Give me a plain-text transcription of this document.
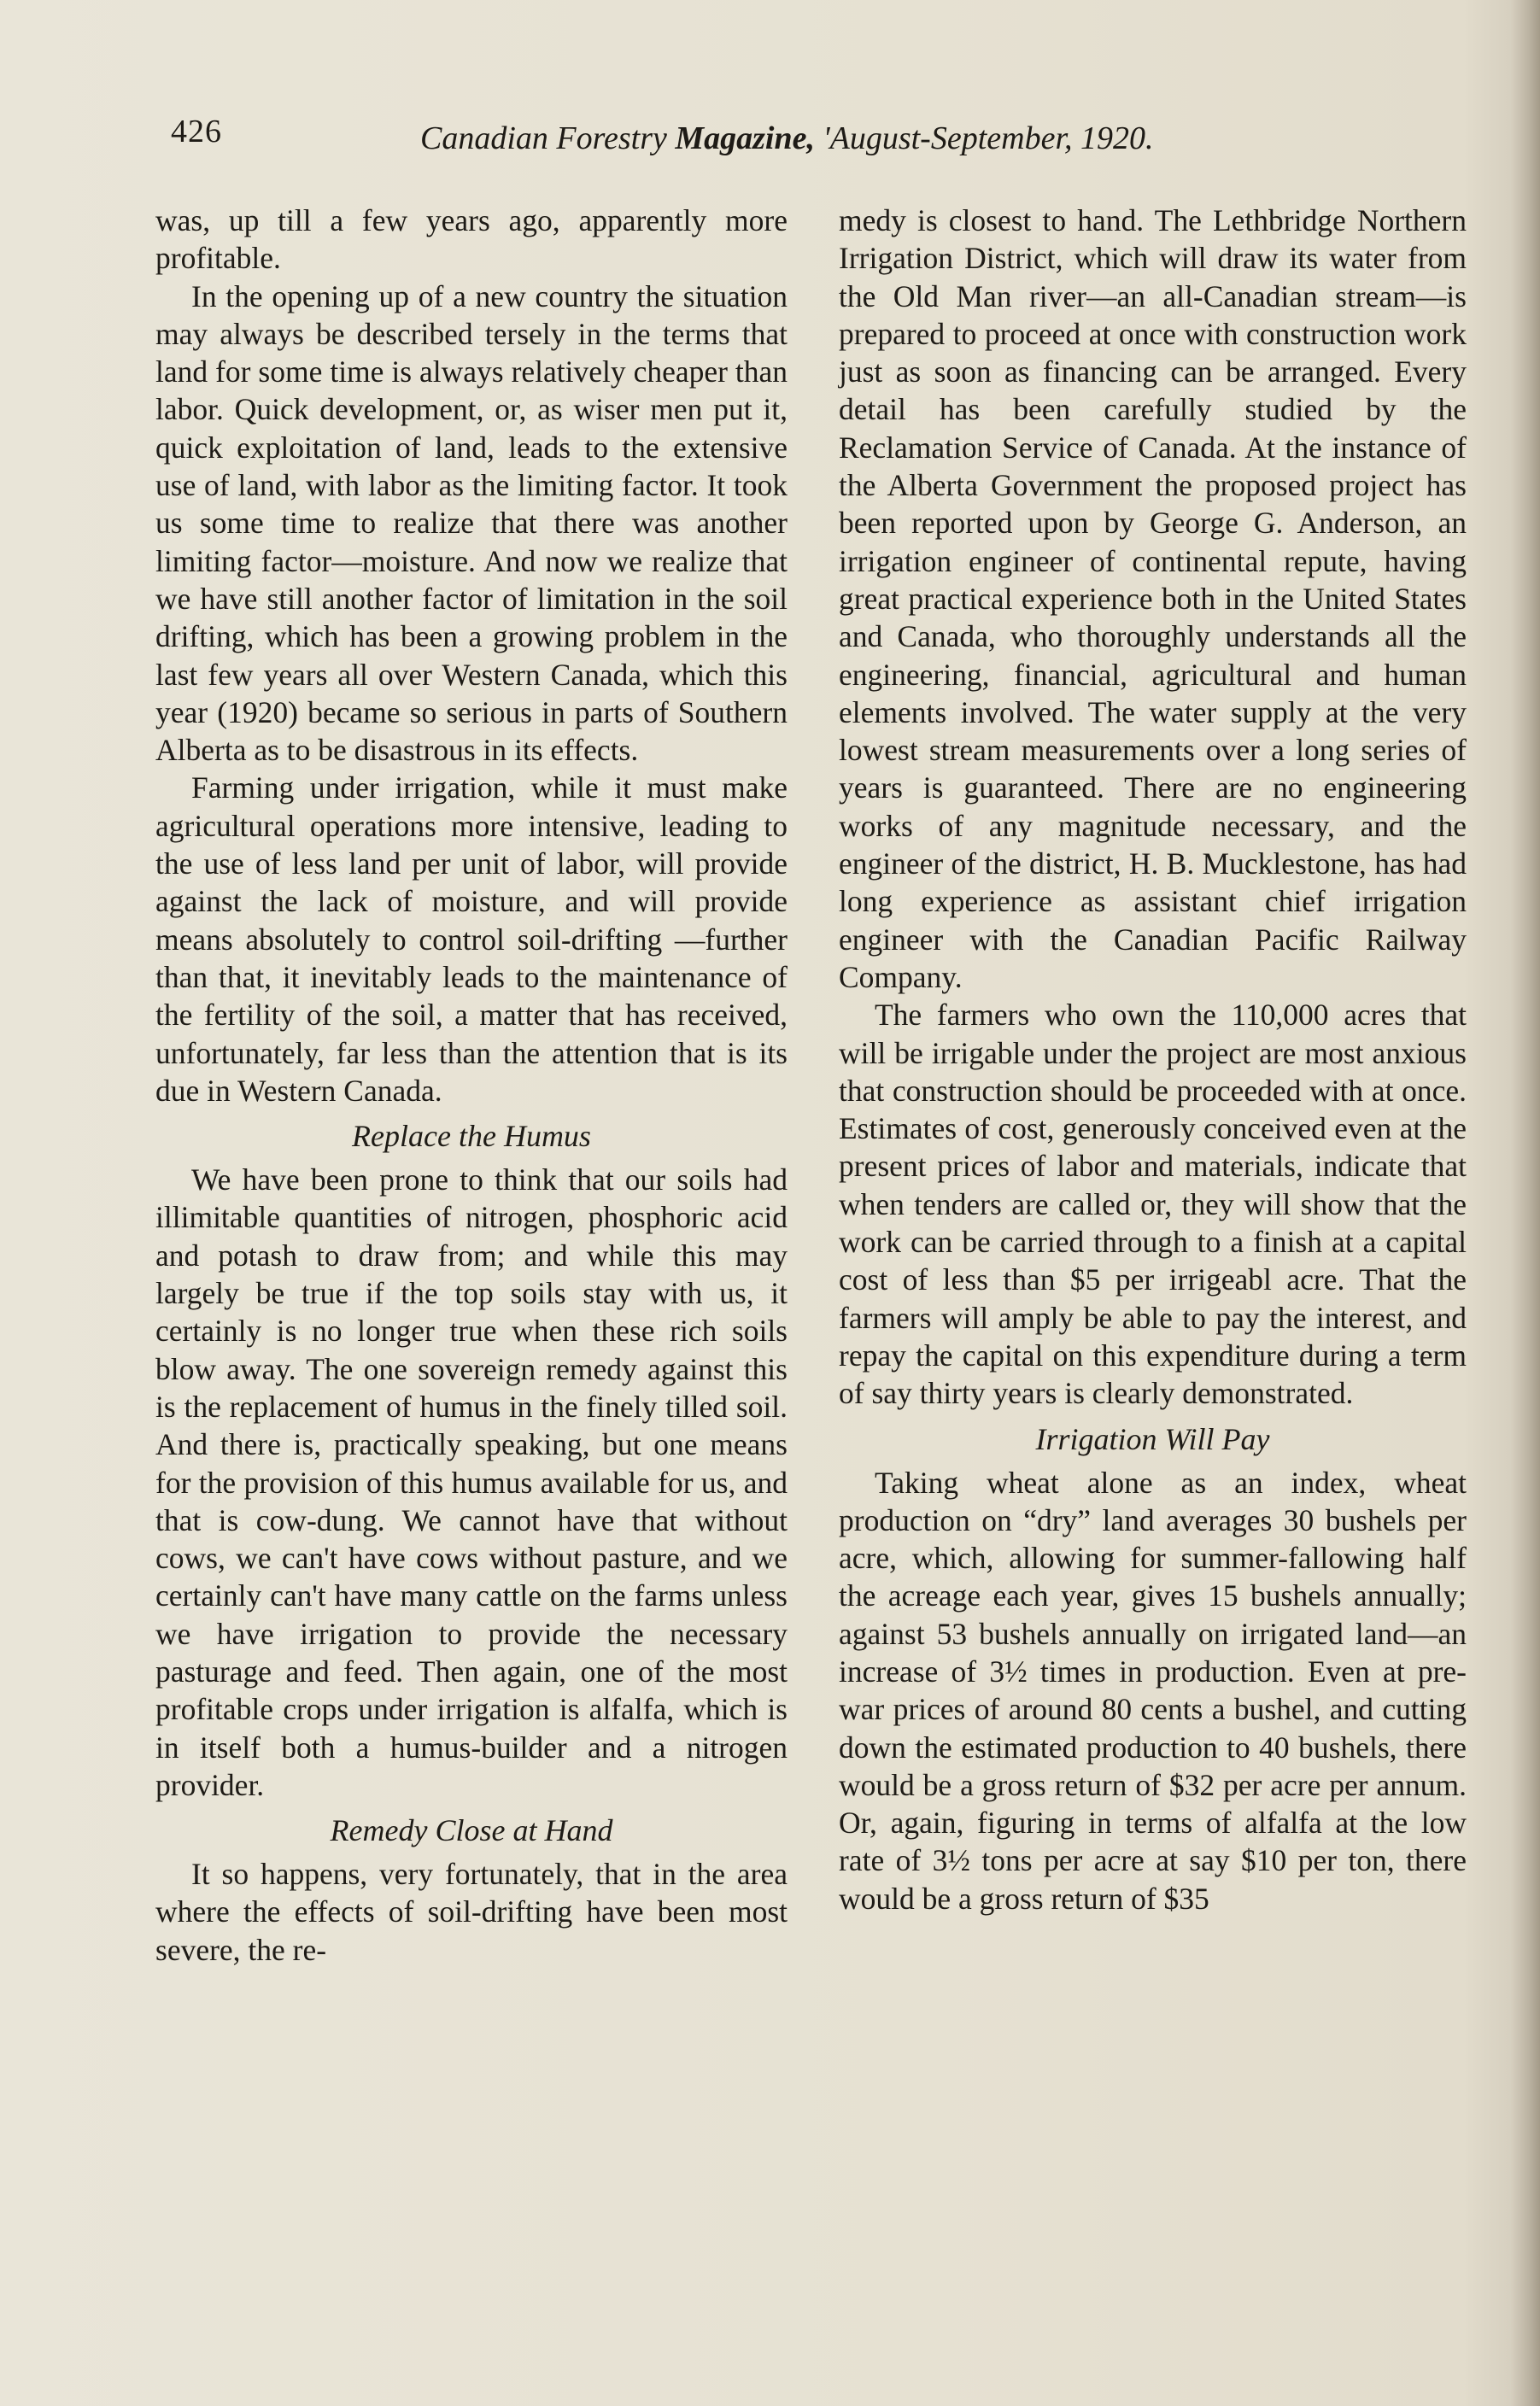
426	Canadian Forestry Magazine, 'August-September, 1920.

was, up till a few years ago, apparently more profitable.

In the opening up of a new country the situation may always be described tersely in the terms that land for some time is always relatively cheaper than labor. Quick development, or, as wiser men put it, quick exploitation of land, leads to the extensive use of land, with labor as the limiting factor. It took us some time to realize that there was another limiting factor—moisture. And now we realize that we have still another factor of limitation in the soil drifting, which has been a growing problem in the last few years all over Western Canada, which this year (1920) became so serious in parts of Southern Alberta as to be disastrous in its effects.

Farming under irrigation, while it must make agricultural operations more intensive, leading to the use of less land per unit of labor, will provide against the lack of moisture, and will provide means absolutely to control soil-drifting —further than that, it inevitably leads to the maintenance of the fertility of the soil, a matter that has received, unfortunately, far less than the attention that is its due in Western Canada.

Replace the Humus

We have been prone to think that our soils had illimitable quantities of nitrogen, phosphoric acid and potash to draw from; and while this may largely be true if the top soils stay with us, it certainly is no longer true when these rich soils blow away. The one sovereign remedy against this is the replacement of humus in the finely tilled soil. And there is, practically speaking, but one means for the provision of this humus available for us, and that is cow-dung. We cannot have that without cows, we can't have cows without pasture, and we certainly can't have many cattle on the farms unless we have irrigation to provide the necessary pasturage and feed. Then again, one of the most profitable crops under irrigation is alfalfa, which is in itself both a humus-builder and a nitrogen provider.

Remedy Close at Hand

It so happens, very fortunately, that in the area where the effects of soil-drifting have been most severe, the re-

medy is closest to hand. The Lethbridge Northern Irrigation District, which will draw its water from the Old Man river—an all-Canadian stream—is prepared to proceed at once with construction work just as soon as financing can be arranged. Every detail has been carefully studied by the Reclamation Service of Canada. At the instance of the Alberta Government the proposed project has been reported upon by George G. Anderson, an irrigation engineer of continental repute, having great practical experience both in the United States and Canada, who thoroughly understands all the engineering, financial, agricultural and human elements involved. The water supply at the very lowest stream measurements over a long series of years is guaranteed. There are no engineering works of any magnitude necessary, and the engineer of the district, H. B. Mucklestone, has had long experience as assistant chief irrigation engineer with the Canadian Pacific Railway Company.

The farmers who own the 110,000 acres that will be irrigable under the project are most anxious that construction should be proceeded with at once. Estimates of cost, generously conceived even at the present prices of labor and materials, indicate that when tenders are called or, they will show that the work can be carried through to a finish at a capital cost of less than $5 per irrigeabl acre. That the farmers will amply be able to pay the interest, and repay the capital on this expenditure during a term of say thirty years is clearly demonstrated.

Irrigation Will Pay

Taking wheat alone as an index, wheat production on “dry” land averages 30 bushels per acre, which, allowing for summer-fallowing half the acreage each year, gives 15 bushels annually; against 53 bushels annually on irrigated land—an increase of 3½ times in production. Even at pre-war prices of around 80 cents a bushel, and cutting down the estimated production to 40 bushels, there would be a gross return of $32 per acre per annum. Or, again, figuring in terms of alfalfa at the low rate of 3½ tons per acre at say $10 per ton, there would be a gross return of $35
